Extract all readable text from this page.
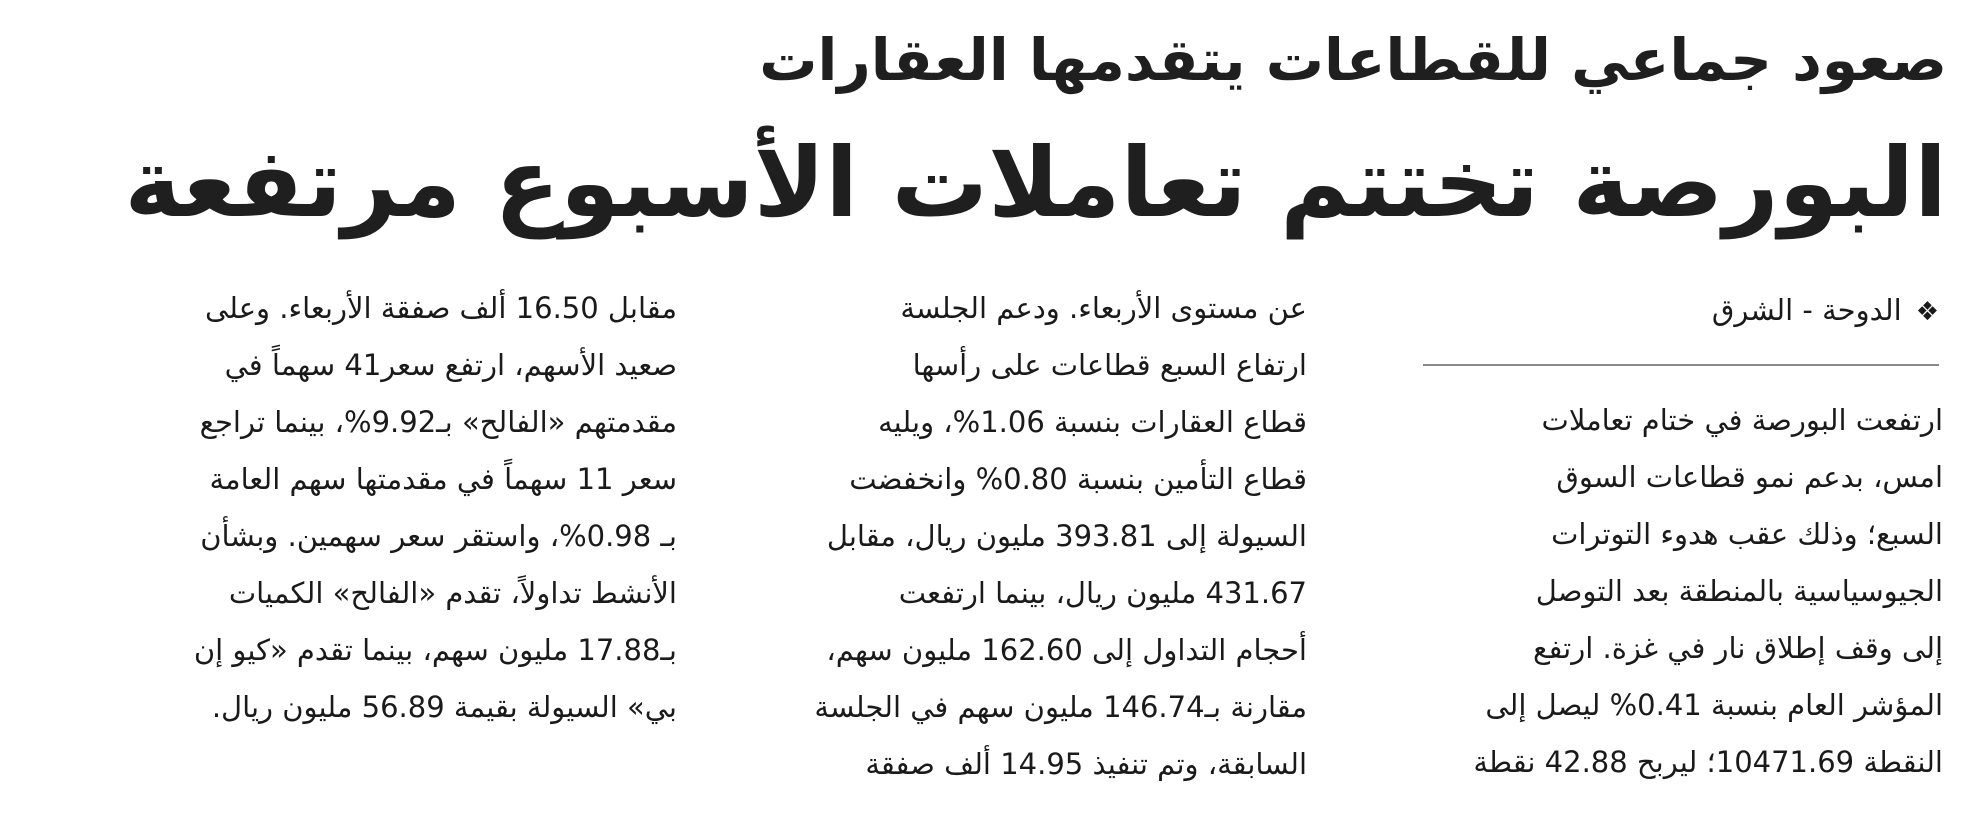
صعود جماعي للقطاعات يتقدمها العقارات
البورصة تختتم تعاملات الأسبوع مرتفعة
❖الدوحة - الشرق
ارتفعت البورصة في ختام تعاملات
امس، بدعم نمو قطاعات السوق
السبع؛ وذلك عقب هدوء التوترات
الجيوسياسية بالمنطقة بعد التوصل
إلى وقف إطلاق نار في غزة. ارتفع
المؤشر العام بنسبة 0.41% ليصل إلى
النقطة 10471.69؛ ليربح 42.88 نقطة
عن مستوى الأربعاء. ودعم الجلسة
ارتفاع السبع قطاعات على رأسها
قطاع العقارات بنسبة 1.06%، ويليه
قطاع التأمين بنسبة 0.80% وانخفضت
السيولة إلى 393.81 مليون ريال، مقابل
431.67 مليون ريال، بينما ارتفعت
أحجام التداول إلى 162.60 مليون سهم،
مقارنة بـ146.74 مليون سهم في الجلسة
السابقة، وتم تنفيذ 14.95 ألف صفقة
مقابل 16.50 ألف صفقة الأربعاء. وعلى
صعيد الأسهم، ارتفع سعر41 سهماً في
مقدمتهم «الفالح» بـ9.92%، بينما تراجع
سعر 11 سهماً في مقدمتها سهم العامة
بـ 0.98%، واستقر سعر سهمين. وبشأن
الأنشط تداولاً، تقدم «الفالح» الكميات
بـ17.88 مليون سهم، بينما تقدم «كيو إن
بي» السيولة بقيمة 56.89 مليون ريال.
